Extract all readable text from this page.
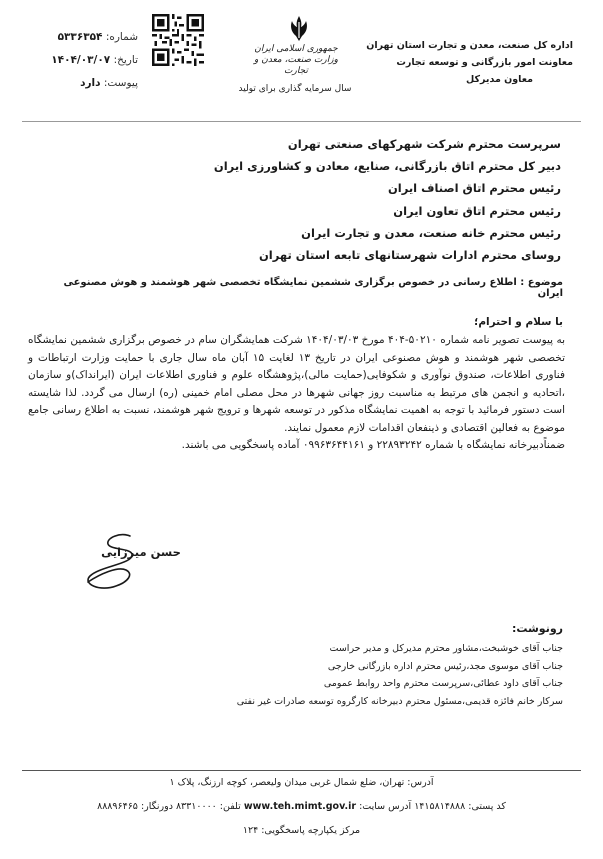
شماره: ۵۳۳۶۳۵۴
تاریخ: ۱۴۰۴/۰۳/۰۷
پیوست: دارد
جمهوری اسلامی ایران
وزارت صنعت، معدن و تجارت
سال سرمایه گذاری برای تولید
اداره کل صنعت، معدن و تجارت استان تهران
معاونت امور بازرگانی و توسعه تجارت
معاون مدیرکل
سرپرست محترم شرکت شهرکهای صنعتی تهران
دبیر کل محترم اتاق بازرگانی، صنایع، معادن و کشاورزی ایران
رئیس محترم اتاق اصناف ایران
رئیس محترم اتاق تعاون ایران
رئیس محترم خانه صنعت، معدن و تجارت ایران
روسای محترم ادارات شهرستانهای تابعه استان تهران
موضوع : اطلاع رسانی در خصوص برگزاری ششمین نمایشگاه تخصصی شهر هوشمند و هوش مصنوعی ایران
با سلام و احترام؛

به پیوست تصویر نامه شماره ۵۰۲۱۰-۴۰۴ مورخ ۱۴۰۴/۰۳/۰۳ شرکت همایشگران سام در خصوص برگزاری ششمین نمایشگاه تخصصی شهر هوشمند و هوش مصنوعی ایران در تاریخ ۱۳ لغایت ۱۵ آبان ماه سال جاری با حمایت وزارت ارتباطات و فناوری اطلاعات، صندوق نوآوری و شکوفایی(حمایت مالی)،پژوهشگاه علوم و فناوری اطلاعات ایران (ایرانداک)و سازمان ،اتحادیه و انجمن های مرتبط به مناسبت روز جهانی شهرها در محل مصلی امام خمینی (ره) ارسال می گردد. لذا شایسته است دستور فرمائید با توجه به اهمیت نمایشگاه مذکور در توسعه شهرها و ترویج شهر هوشمند، نسبت به اطلاع رسانی جامع موضوع به فعالین اقتصادی و ذینفعان اقدامات لازم معمول نمایند.

ضمناًدبیرخانه نمایشگاه با شماره ۲۲۸۹۳۲۴۲ و ۰۹۹۶۳۶۴۴۱۶۱ آماده پاسخگویی می باشند.

حسن میرزایی
رونوشت:
جناب آقای خوشبخت،مشاور محترم مدیرکل و مدیر حراست
جناب آقای موسوی مجد،رئیس محترم اداره بازرگانی خارجی
جناب آقای داود عطائی،سرپرست محترم واحد روابط عمومی
سرکار خانم فائزه قدیمی،مسئول محترم دبیرخانه کارگروه توسعه صادرات غیر نفتی
آدرس: تهران، ضلع شمال غربی میدان ولیعصر، کوچه ارزنگ، پلاک ۱
کد پستی: ۱۴۱۵۸۱۴۸۸۸ آدرس سایت: www.teh.mimt.gov.ir تلفن: ۸۳۳۱۰۰۰۰ دورنگار: ۸۸۸۹۶۴۶۵
مرکز یکپارچه پاسخگویی: ۱۲۴
